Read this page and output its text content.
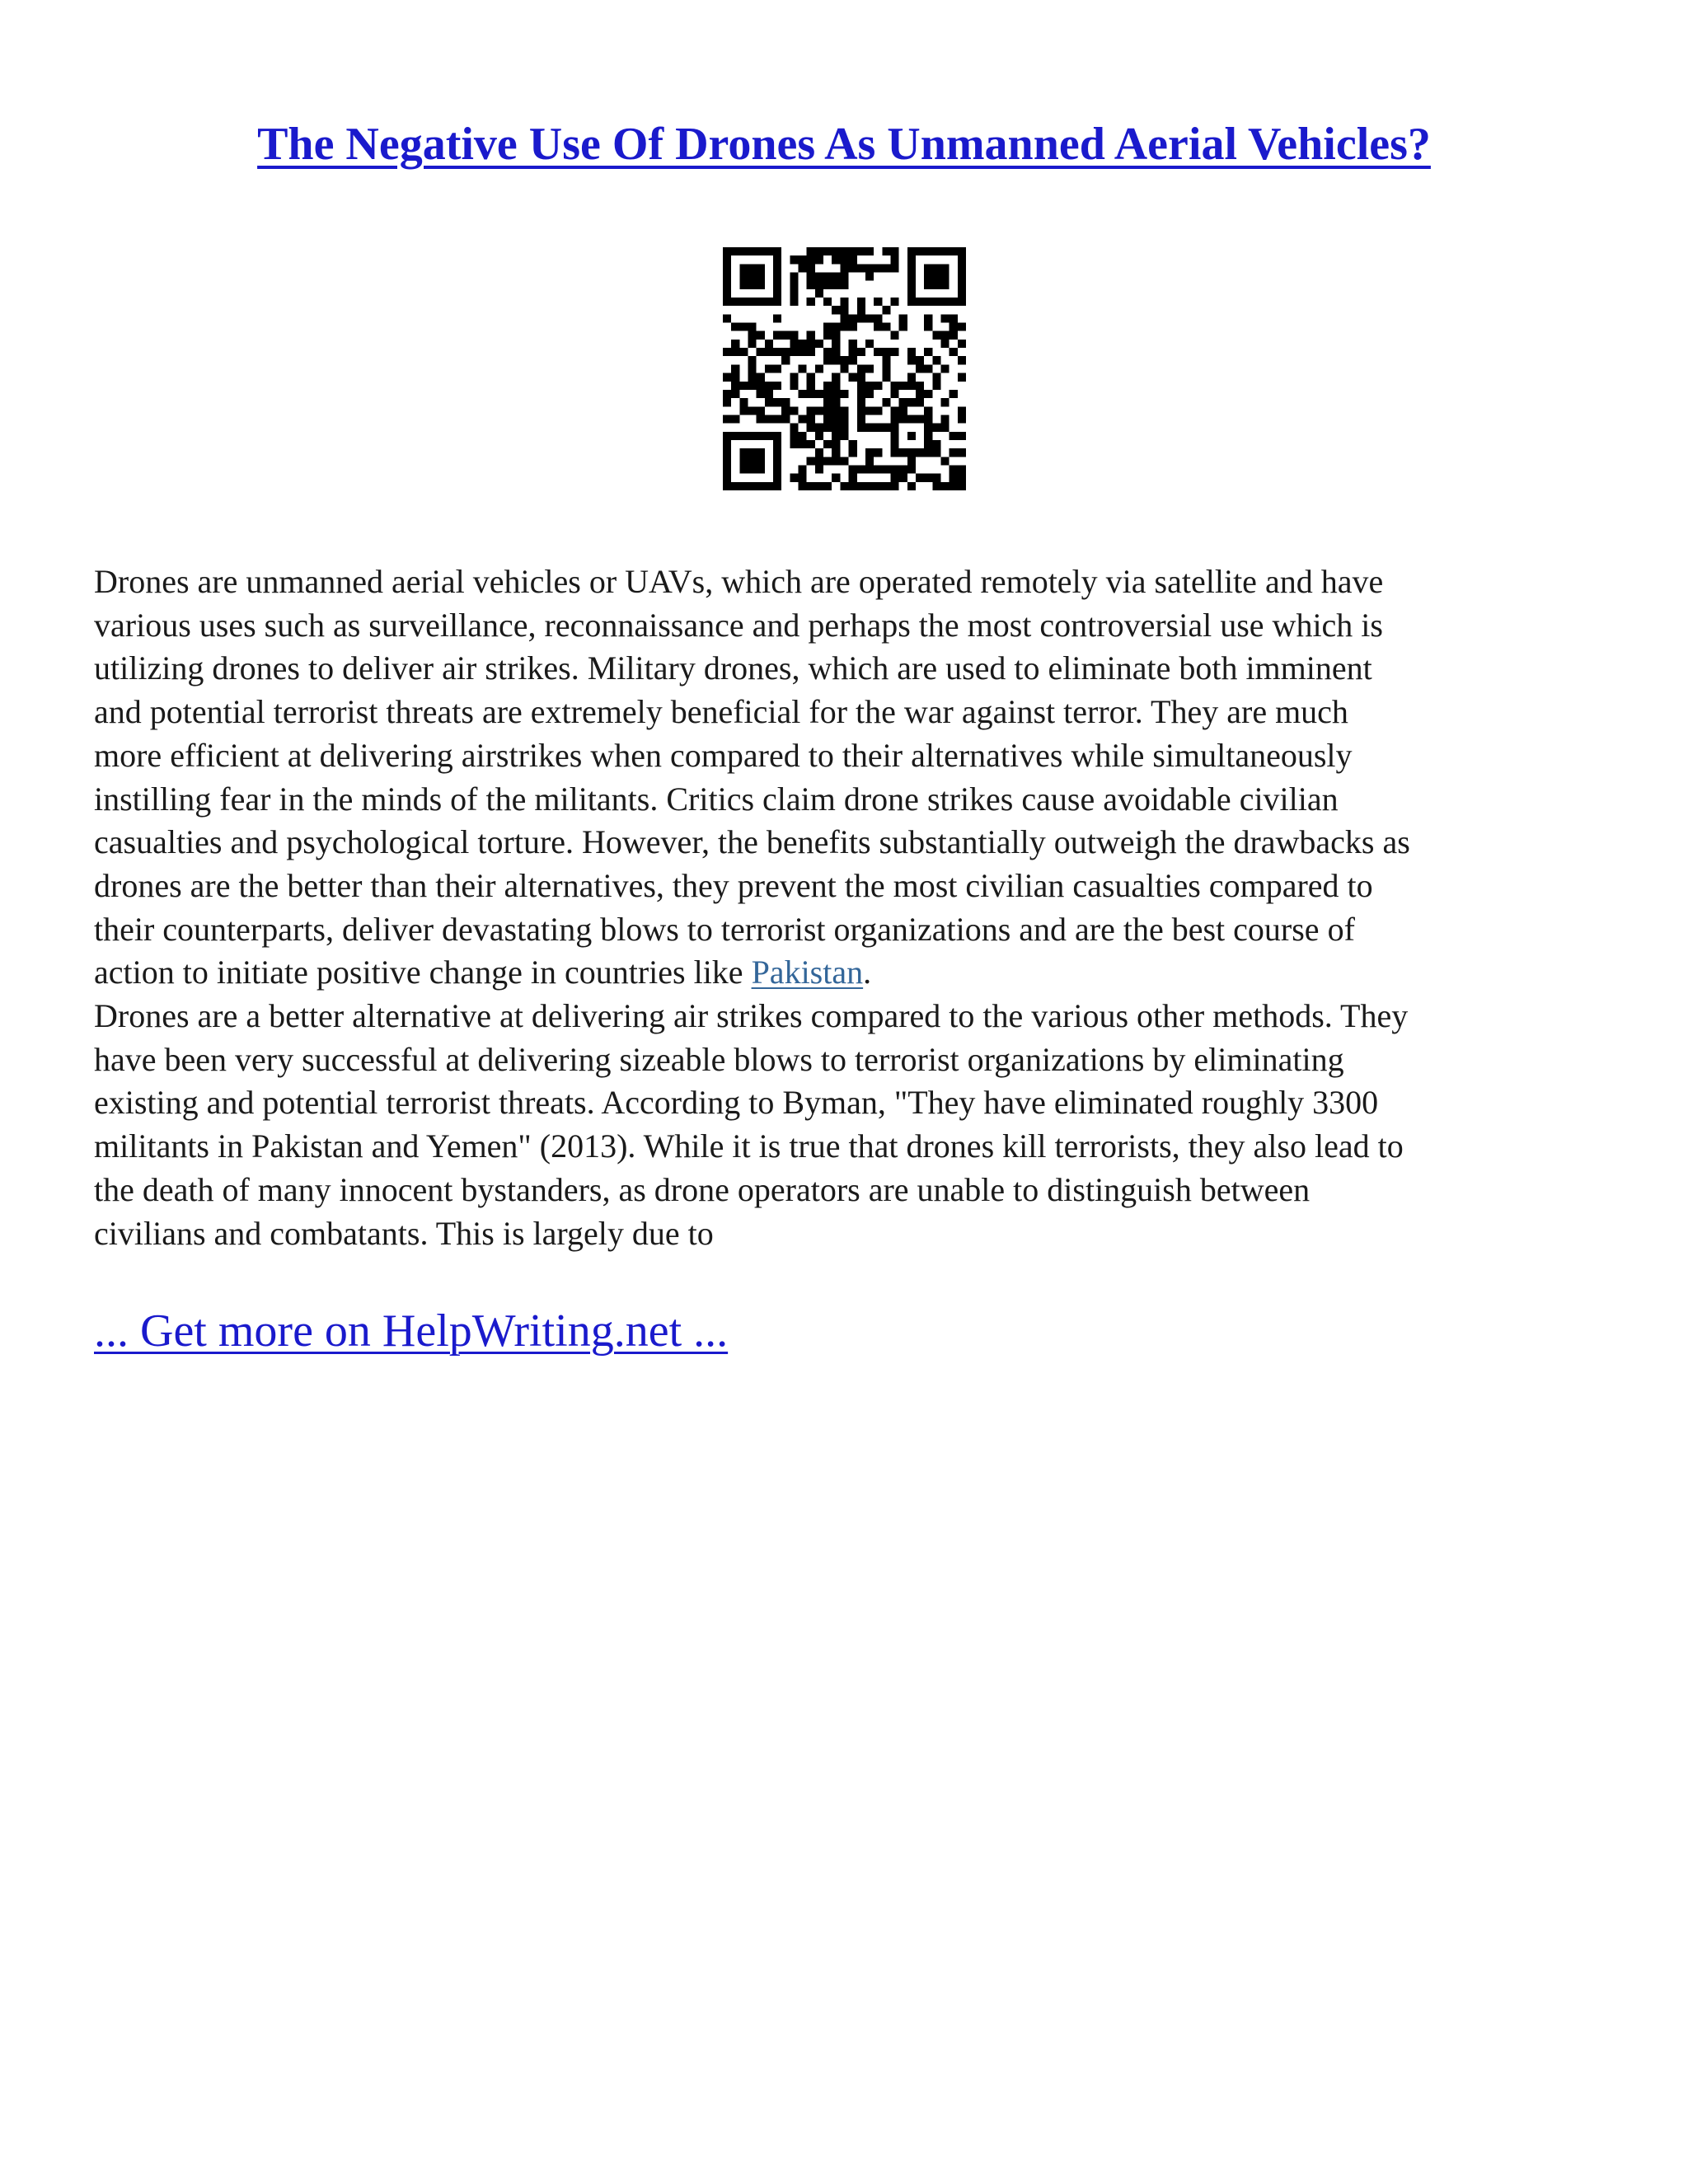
The Negative Use Of Drones As Unmanned Aerial Vehicles?
Drones are unmanned aerial vehicles or UAVs, which are operated remotely via satellite and have
various uses such as surveillance, reconnaissance and perhaps the most controversial use which is
utilizing drones to deliver air strikes. Military drones, which are used to eliminate both imminent
and potential terrorist threats are extremely beneficial for the war against terror. They are much
more efficient at delivering airstrikes when compared to their alternatives while simultaneously
instilling fear in the minds of the militants. Critics claim drone strikes cause avoidable civilian
casualties and psychological torture. However, the benefits substantially outweigh the drawbacks as
drones are the better than their alternatives, they prevent the most civilian casualties compared to
their counterparts, deliver devastating blows to terrorist organizations and are the best course of
action to initiate positive change in countries like Pakistan.
Drones are a better alternative at delivering air strikes compared to the various other methods. They
have been very successful at delivering sizeable blows to terrorist organizations by eliminating
existing and potential terrorist threats. According to Byman, "They have eliminated roughly 3300
militants in Pakistan and Yemen" (2013). While it is true that drones kill terrorists, they also lead to
the death of many innocent bystanders, as drone operators are unable to distinguish between
civilians and combatants. This is largely due to
... Get more on HelpWriting.net ...
